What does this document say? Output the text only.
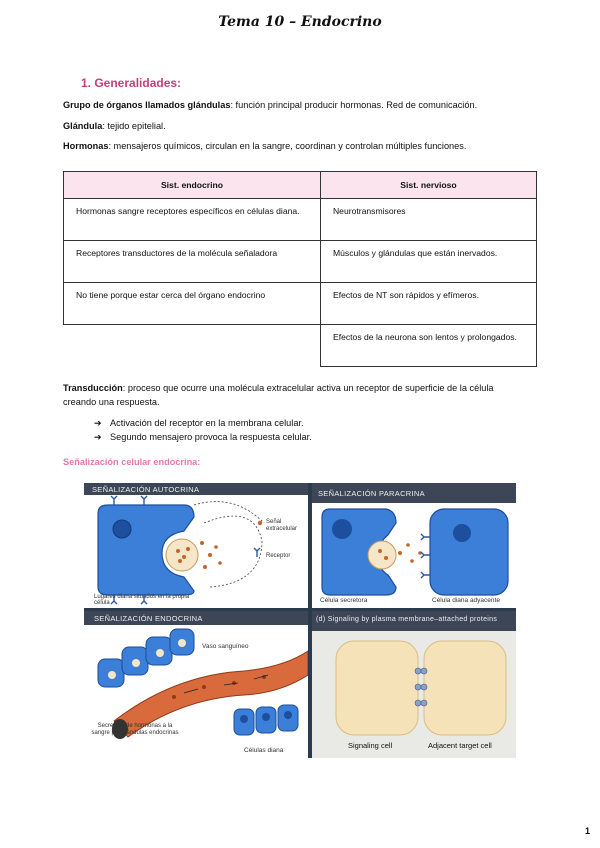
Tema 10 – Endocrino
1. Generalidades:
Grupo de órganos llamados glándulas: función principal producir hormonas. Red de comunicación.
Glándula: tejido epitelial.
Hormonas: mensajeros químicos, circulan en la sangre, coordinan y controlan múltiples funciones.
Sist. endocrino	Sist. nervioso
Hormonas sangre receptores específicos en células diana.	Neurotransmisores
Receptores transductores de la molécula señaladora	Músculos y glándulas que están inervados.
No tiene porque estar cerca del órgano endocrino	Efectos de NT son rápidos y efímeros.
	Efectos de la neurona son lentos y prolongados.
Transducción: proceso que ocurre una molécula extracelular activa un receptor de superficie de la célula
creando una respuesta.
➔ Activación del receptor en la membrana celular.
➔ Segundo mensajero provoca la respuesta celular.
Señalización celular endocrina:
SEÑALIZACIÓN AUTOCRINA
Señal extracelular
Receptor
Lugares diana situados en la propia célula
SEÑALIZACIÓN PARACRINA
Célula secretora	Célula diana adyacente
SEÑALIZACIÓN ENDOCRINA
Vaso sanguíneo
Secreción de hormonas a la sangre por glándulas endocrinas
Células diana
(d) Signaling by plasma membrane–attached proteins
Signaling cell	Adjacent target cell
1
